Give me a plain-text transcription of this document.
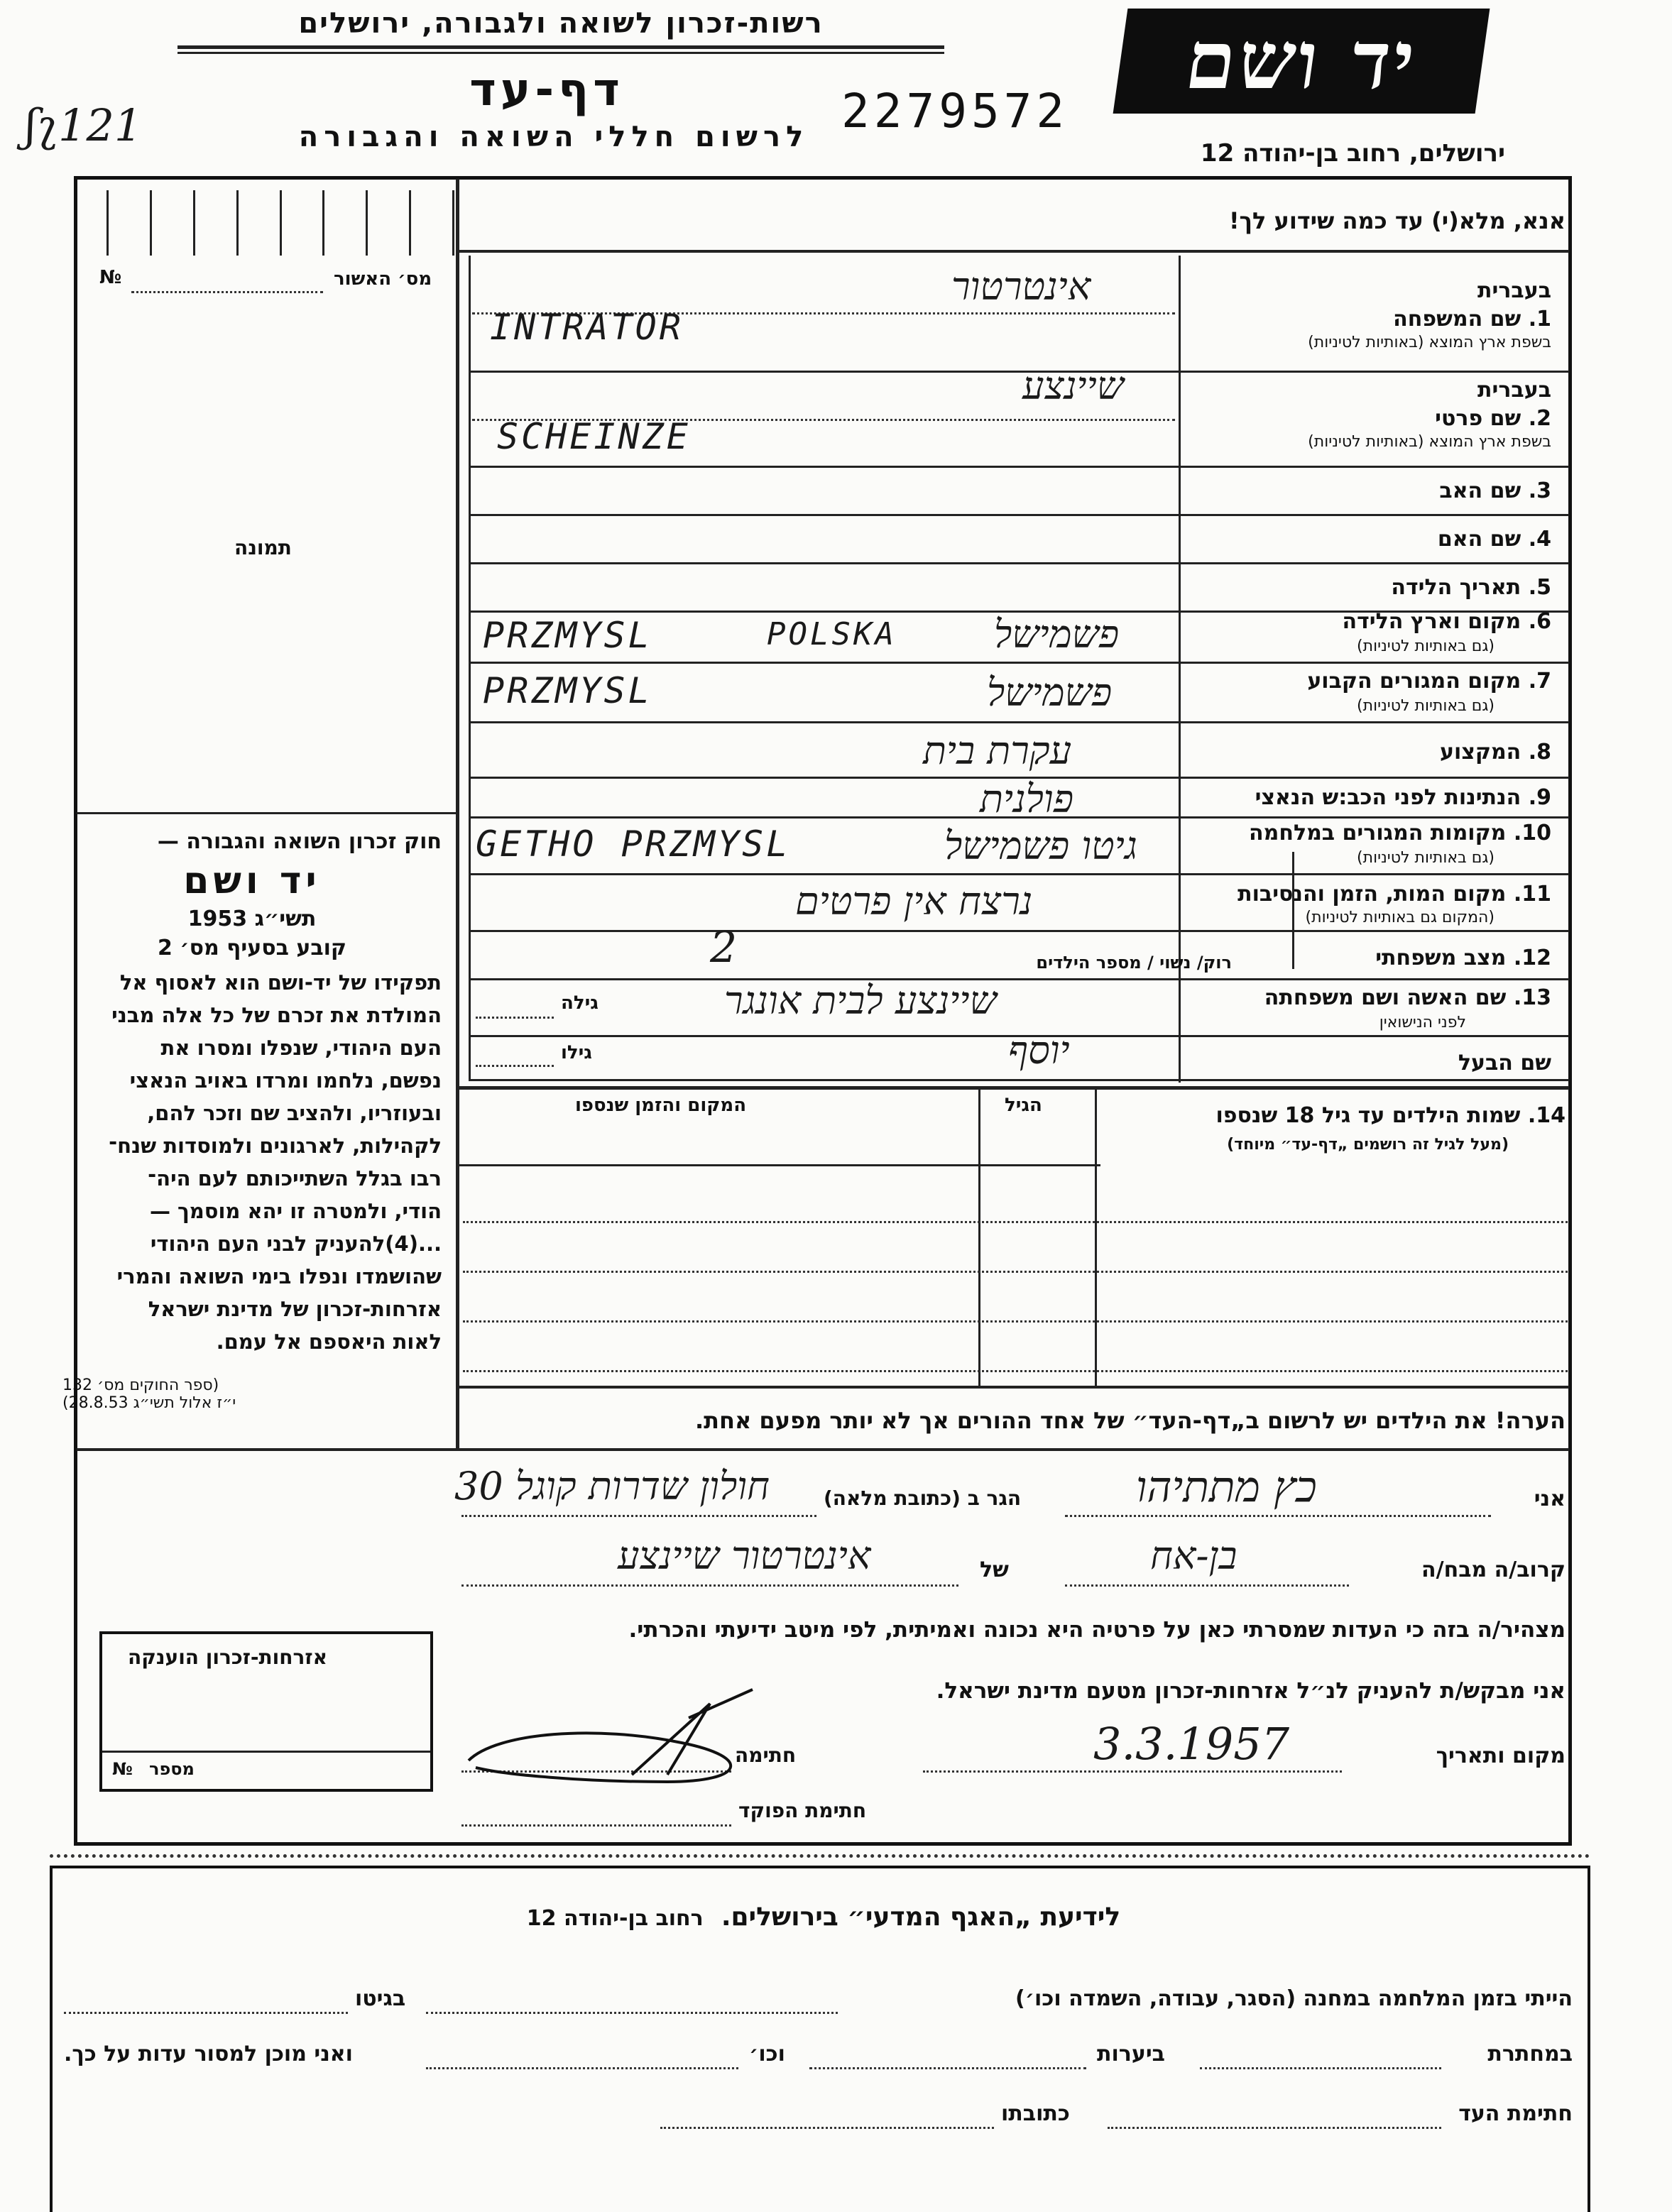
רשות-זכרון לשואה ולגבורה, ירושלים
דף-עד
לרשום חללי השואה והגבורה 2279572
ʃʅ121
יד ושם
ירושלים, רחוב בן-יהודה 12
אנא, מלא(י) עד כמה שידוע לך!
מס׳ האשור
№
תמונה
חוק זכרון השואה והגבורה —
יד ושם
תשי״ג 1953
קובע בסעיף מס׳ 2
תפקידו של יד-ושם הוא לאסוף אל
המולדת את זכרם של כל אלה מבני
העם היהודי, שנפלו ומסרו את
נפשם, נלחמו ומרדו באויב הנאצי
ובעוזריו, ולהציב שם וזכר להם,
לקהילות, לארגונים ולמוסדות שנח־
רבו בגלל השתייכותם לעם היה־
הודי, ולמטרה זו יהא מוסמך —
...(4)להעניק לבני העם היהודי
שהושמדו ונפלו בימי השואה והמרי
אזרחות-זכרון של מדינת ישראל
לאות היאספם אל עמם.
(ספר החוקים מס׳ 132
י״ז אלול תשי״ג 28.8.53)
בעברית
1. שם המשפחה
בשפת ארץ המוצא (באותיות לטיניות)
אינטרטור
INTRATOR
בעברית
2. שם פרטי
בשפת ארץ המוצא (באותיות לטיניות)
שיינצע
SCHEINZE
3. שם האב
4. שם האם
5. תאריך הלידה
6. מקום וארץ הלידה
(גם באותיות לטיניות)
פשמישל
POLSKA
PRZMYSL
7. מקום המגורים הקבוע
(גם באותיות לטיניות)
פשמישל
PRZMYSL
8. המקצוע
עקרת בית
9. הנתינות לפני הכב:ש הנאצי
פולנית
10. מקומות המגורים במלחמה
(גם באותיות לטיניות)
גיטו פשמישל
GETHO PRZMYSL
11. מקום המות, הזמן והנסיבות
(המקום גם באותיות לטיניות)
נרצח אין פרטים
12. מצב משפחתי
רוק/ נשוי / מספר הילדים
2
13. שם האשה ושם משפחתה
לפני הנישואין
גילה	שיינצע לבית אונגר
שם הבעל
גילו	יוסף
14. שמות הילדים עד גיל 18 שנספו
(מעל לגיל זה רושמים „דף-עד״ מיוחד)
הגיל
המקום והזמן שנספו
הערה! את הילדים יש לרשום ב„דף-העד״ של אחד ההורים אך לא יותר מפעם אחת.
אני
כץ מתתיהו
הגר ב (כתובת מלאה)
חולון שדרות קוגל 30
קרוב/ה מבח/ה
בן-אח
של
אינטרטור שיינצע
מצהיר/ה בזה כי העדות שמסרתי כאן על פרטיה היא נכונה ואמיתית, לפי מיטב ידיעתי והכרתי.
אני מבקש/ת להעניק לנ״ל אזרחות-זכרון מטעם מדינת ישראל.
מקום ותאריך
3.3.1957
חתימה
חתימת הפוקד
אזרחות-זכרון הוענקה
מספר
№
לידיעת „האגף המדעי״ בירושלים. רחוב בן-יהודה 12
הייתי בזמן המלחמה במחנה (הסגר, עבודה, השמדה וכו׳)
בגיטו
במחתרת
ביערות
וכו׳
ואני מוכן למסור עדות על כך.
חתימת העד
כתובתו
